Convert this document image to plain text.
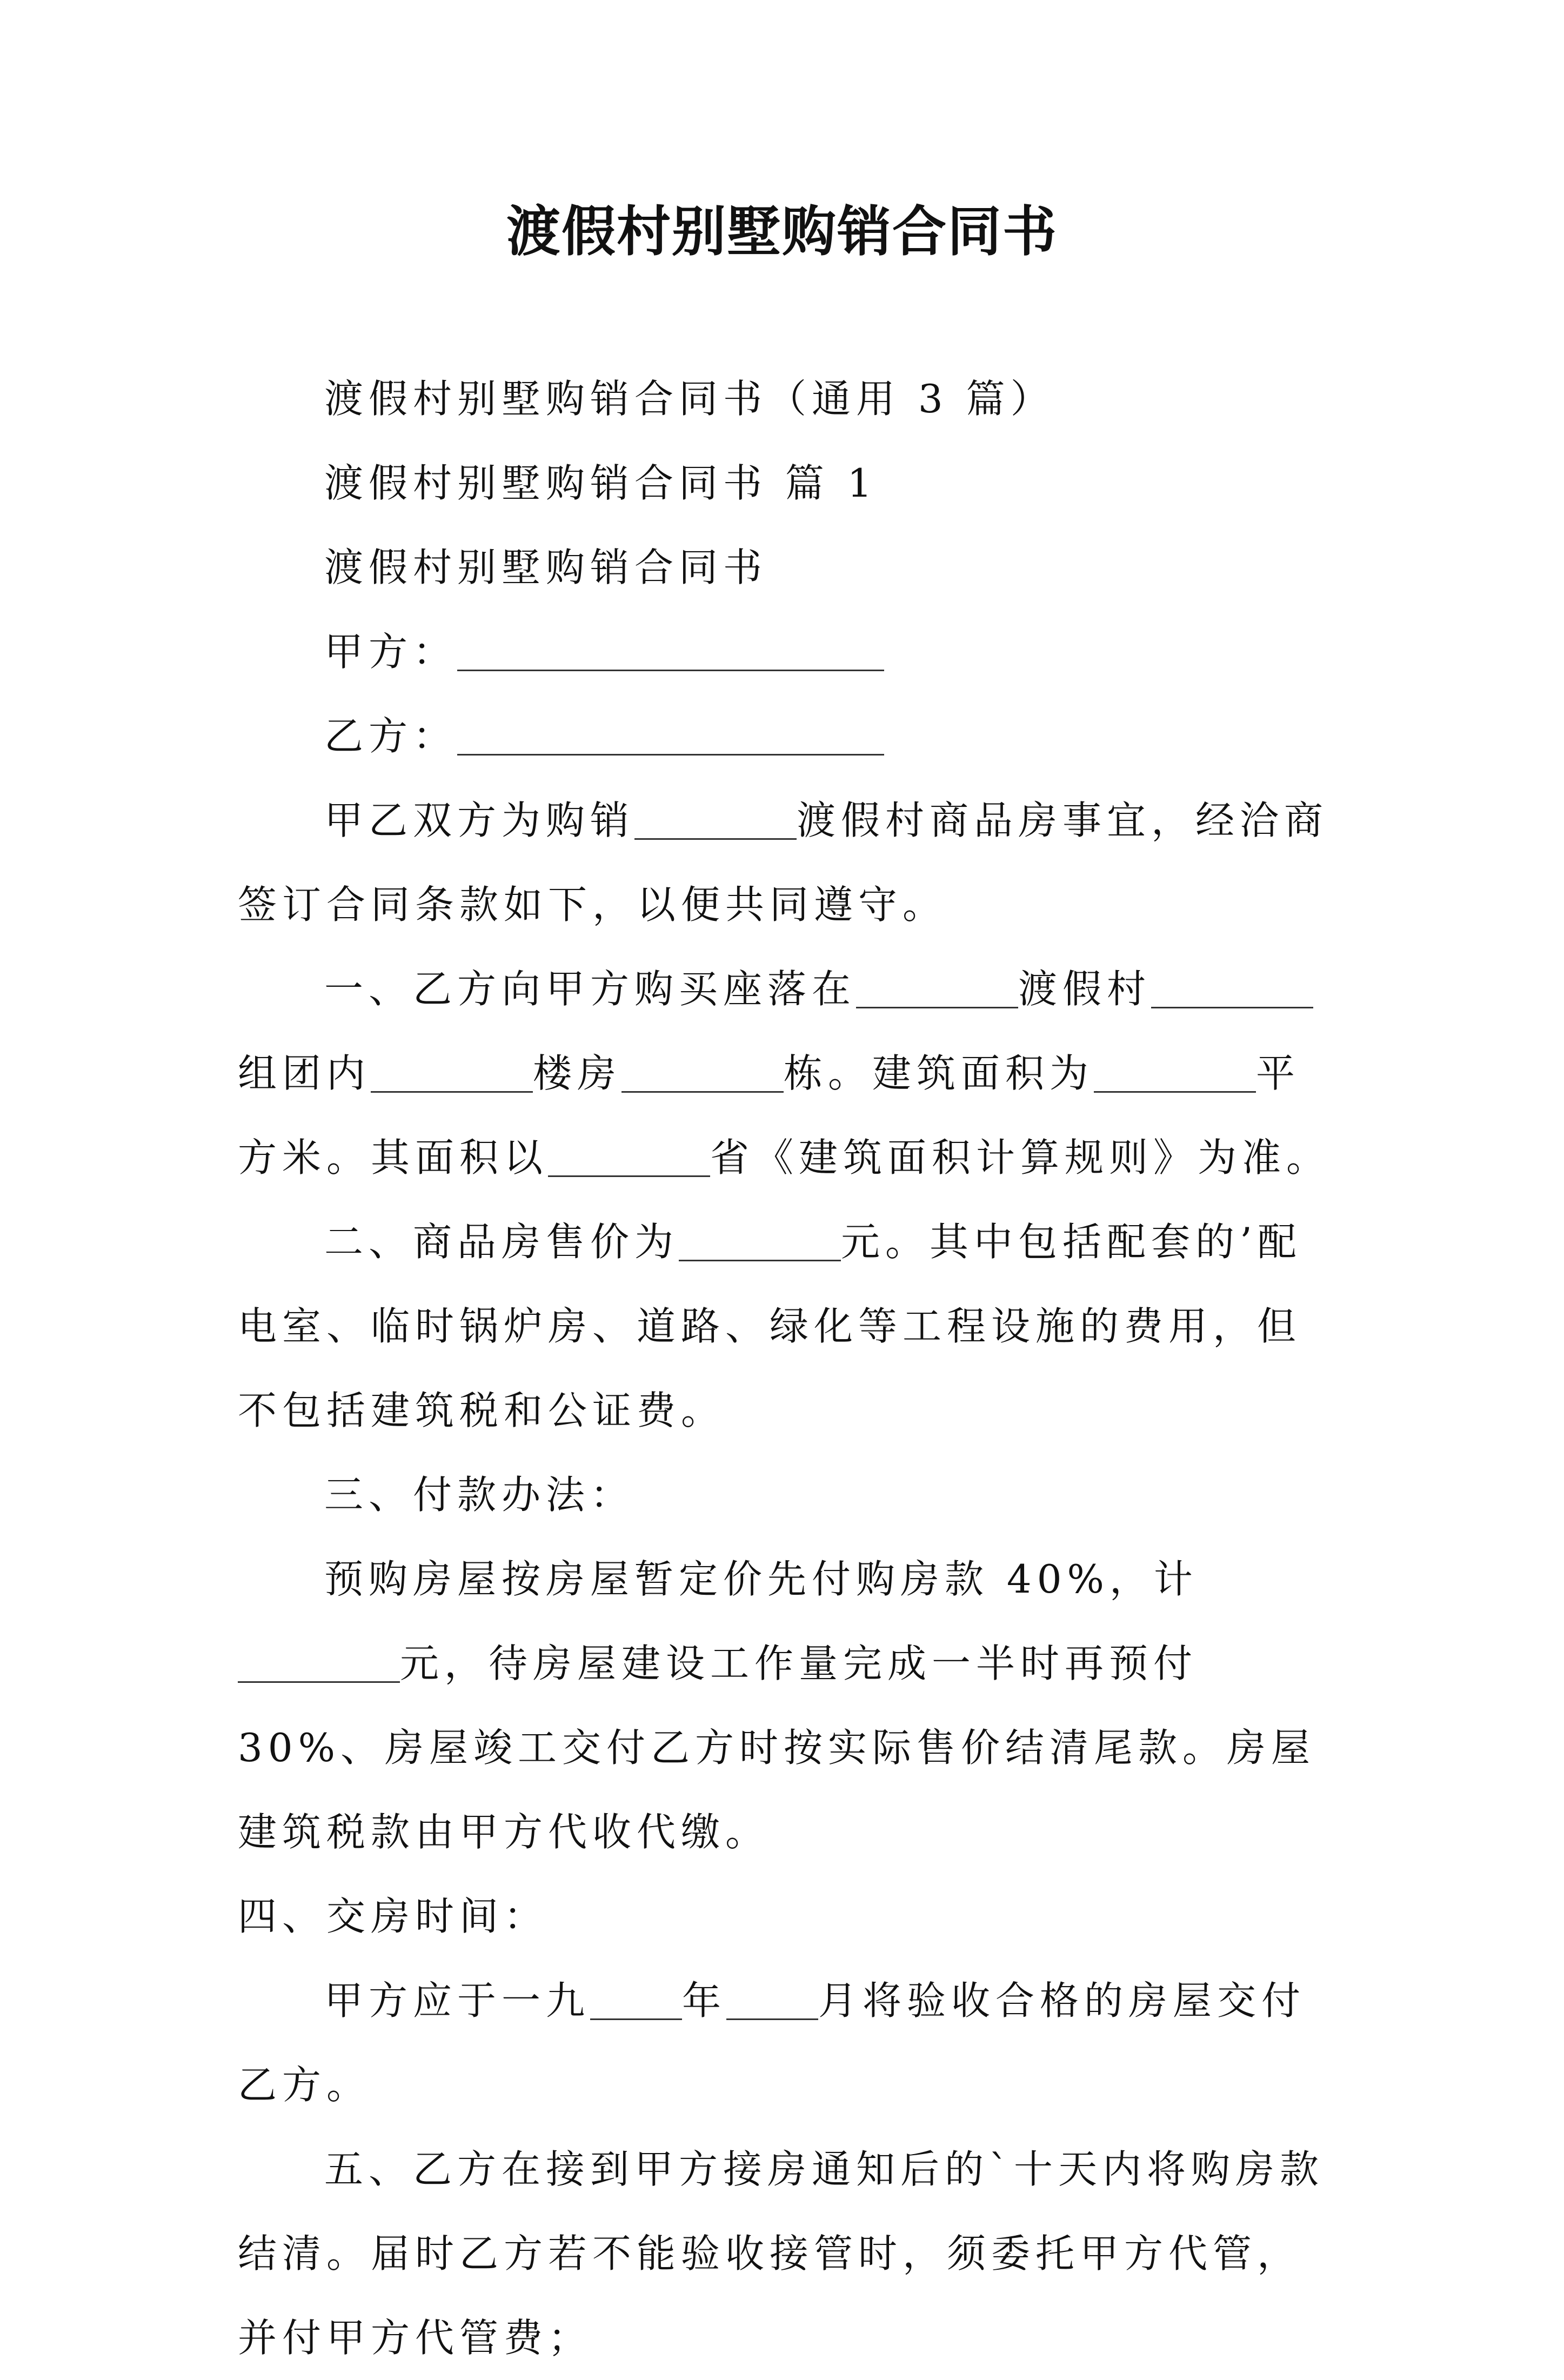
渡假村别墅购销合同书

渡假村别墅购销合同书（通用 3 篇）

渡假村别墅购销合同书 篇 1

渡假村别墅购销合同书

甲方：

乙方：

甲乙双方为购销	渡假村商品房事宜，经洽商签订合同条款如下，以便共同遵守。

一、乙方向甲方购买座落在	渡假村组团内	楼房	栋。建筑面积为	平方米。其面积以	省《建筑面积计算规则》为准。

二、商品房售价为	元。其中包括配套的’配电室、临时锅炉房、道路、绿化等工程设施的费用，但不包括建筑税和公证费。

三、付款办法：

预购房屋按房屋暂定价先付购房款 40%，计元，待房屋建设工作量完成一半时再预付 30%、房屋竣工交付乙方时按实际售价结清尾款。房屋建筑税款由甲方代收代缴。

四、交房时间：

甲方应于一九 年 月将验收合格的房屋交付乙方。

五、乙方在接到甲方接房通知后的`十天内将购房款结清。届时乙方若不能验收接管时，须委托甲方代管，并付甲方代管费；
